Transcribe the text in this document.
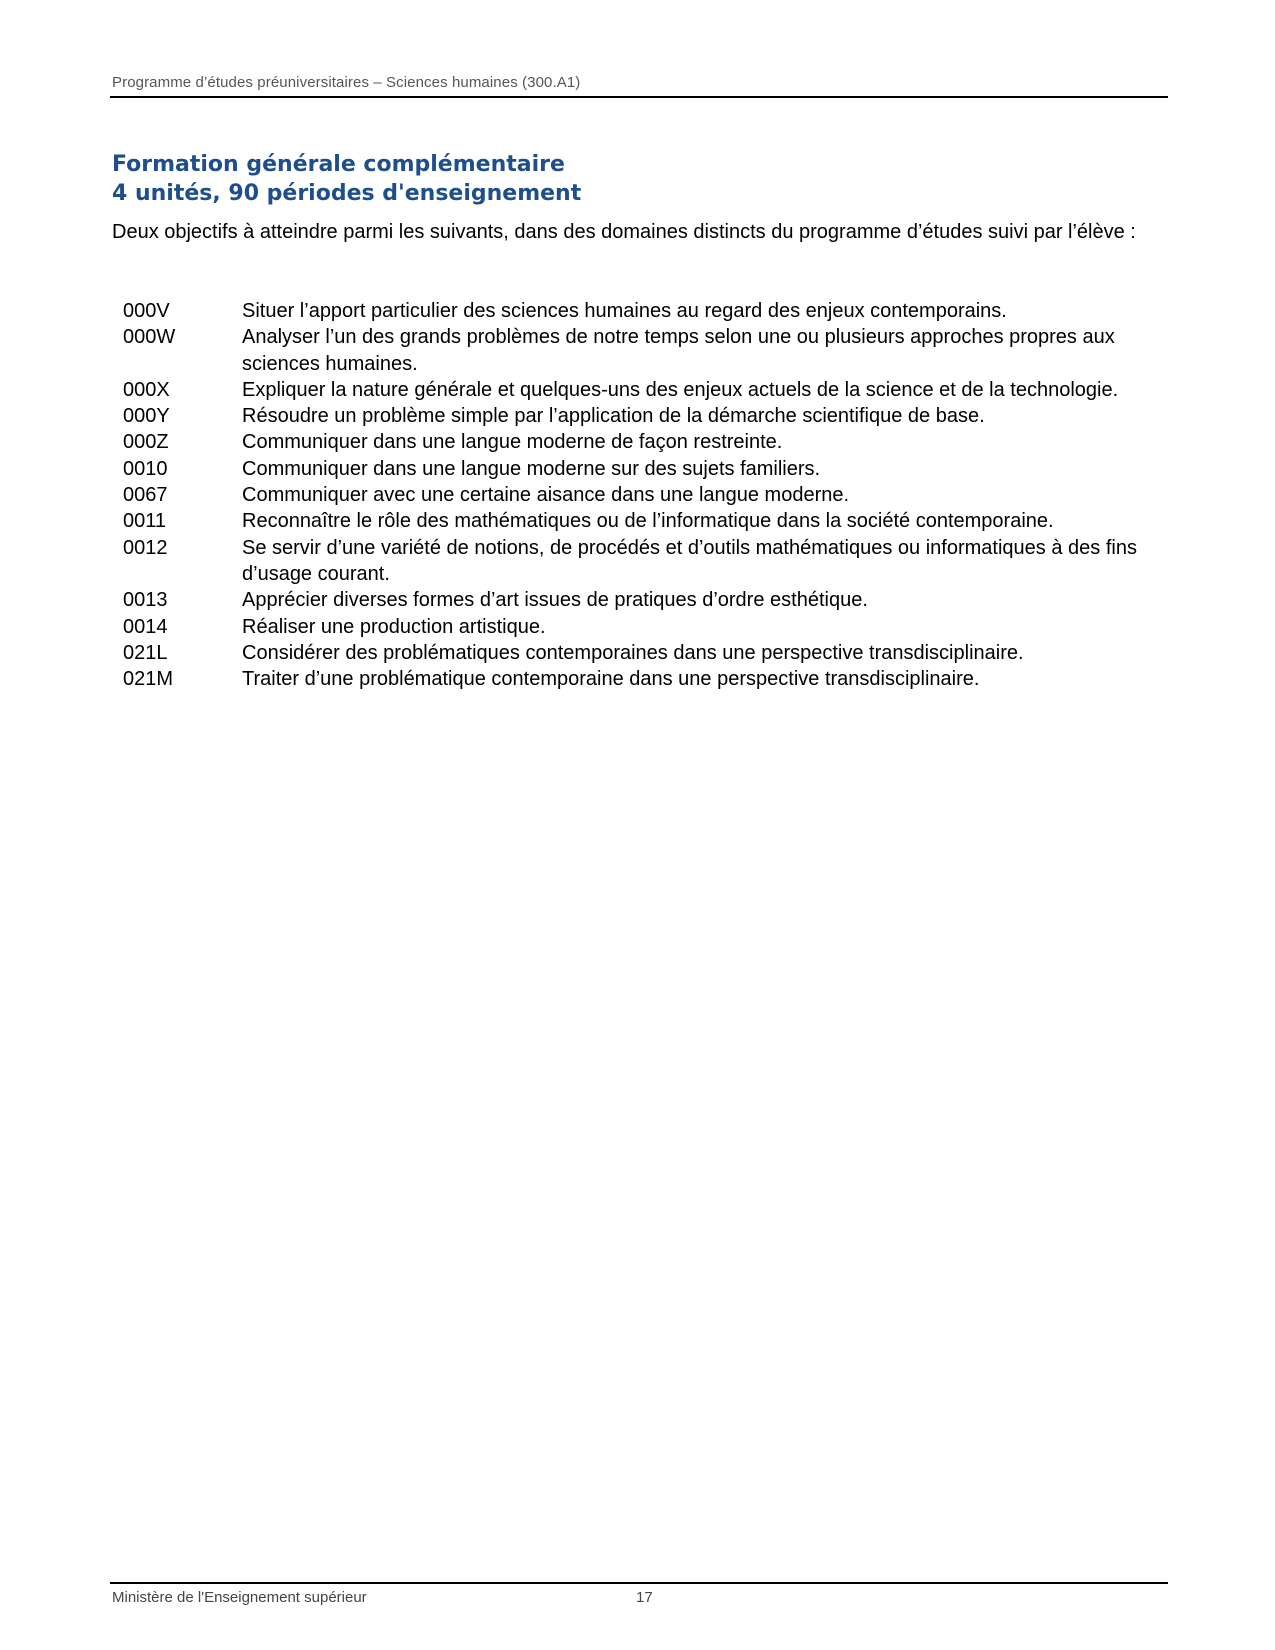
Programme d’études préuniversitaires – Sciences humaines (300.A1)
Formation générale complémentaire
4 unités, 90 périodes d'enseignement
Deux objectifs à atteindre parmi les suivants, dans des domaines distincts du programme d’études suivi par l’élève :
000V	Situer l’apport particulier des sciences humaines au regard des enjeux contemporains.
000W	Analyser l’un des grands problèmes de notre temps selon une ou plusieurs approches propres aux sciences humaines.
000X	Expliquer la nature générale et quelques-uns des enjeux actuels de la science et de la technologie.
000Y	Résoudre un problème simple par l’application de la démarche scientifique de base.
000Z	Communiquer dans une langue moderne de façon restreinte.
0010	Communiquer dans une langue moderne sur des sujets familiers.
0067	Communiquer avec une certaine aisance dans une langue moderne.
0011	Reconnaître le rôle des mathématiques ou de l’informatique dans la société contemporaine.
0012	Se servir d’une variété de notions, de procédés et d’outils mathématiques ou informatiques à des fins d’usage courant.
0013	Apprécier diverses formes d’art issues de pratiques d’ordre esthétique.
0014	Réaliser une production artistique.
021L	Considérer des problématiques contemporaines dans une perspective transdisciplinaire.
021M	Traiter d’une problématique contemporaine dans une perspective transdisciplinaire.
Ministère de l'Enseignement supérieur	17
